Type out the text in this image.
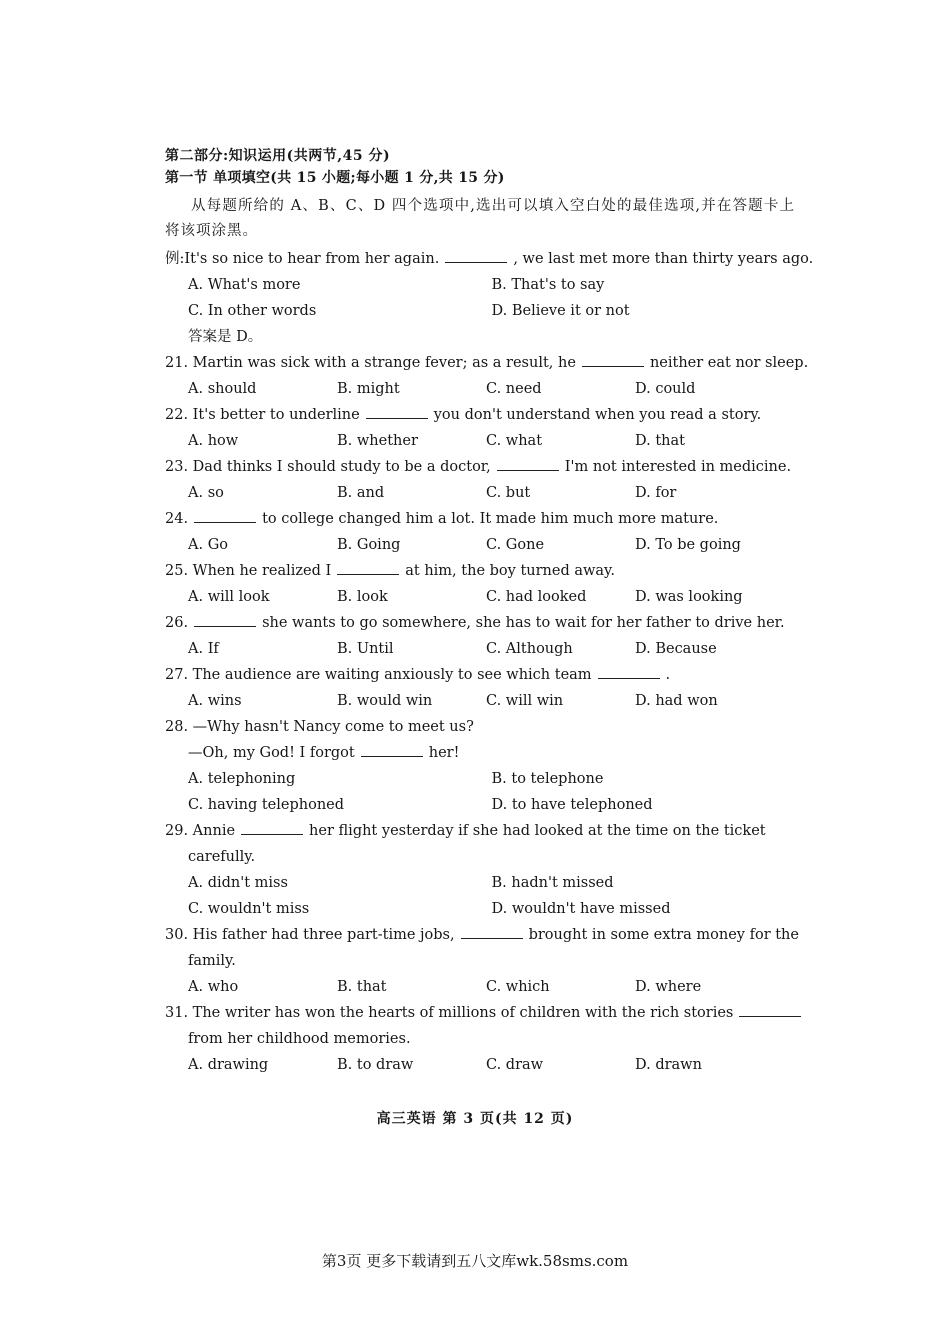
第二部分:知识运用(共两节,45 分)
第一节 单项填空(共 15 小题;每小题 1 分,共 15 分)
从每题所给的 A、B、C、D 四个选项中,选出可以填入空白处的最佳选项,并在答题卡上将该项涂黑。
例:It's so nice to hear from her again.	, we last met more than thirty years ago.
A. What's more	B. That's to say
C. In other words	D. Believe it or not
答案是 D。
21. Martin was sick with a strange fever; as a result, he	neither eat nor sleep.
A. should	B. might	C. need	D. could
22. It's better to underline	you don't understand when you read a story.
A. how	B. whether	C. what	D. that
23. Dad thinks I should study to be a doctor,	I'm not interested in medicine.
A. so	B. and	C. but	D. for
24.	to college changed him a lot. It made him much more mature.
A. Go	B. Going	C. Gone	D. To be going
25. When he realized I	at him, the boy turned away.
A. will look	B. look	C. had looked	D. was looking
26.	she wants to go somewhere, she has to wait for her father to drive her.
A. If	B. Until	C. Although	D. Because
27. The audience are waiting anxiously to see which team	.
A. wins	B. would win	C. will win	D. had won
28. —Why hasn't Nancy come to meet us?
—Oh, my God! I forgot	her!
A. telephoning	B. to telephone
C. having telephoned	D. to have telephoned
29. Annie	her flight yesterday if she had looked at the time on the ticket
carefully.
A. didn't miss	B. hadn't missed
C. wouldn't miss	D. wouldn't have missed
30. His father had three part-time jobs,	brought in some extra money for the
family.
A. who	B. that	C. which	D. where
31. The writer has won the hearts of millions of children with the rich stories
from her childhood memories.
A. drawing	B. to draw	C. draw	D. drawn
高三英语 第 3 页(共 12 页)
第3页 更多下载请到五八文库wk.58sms.com
